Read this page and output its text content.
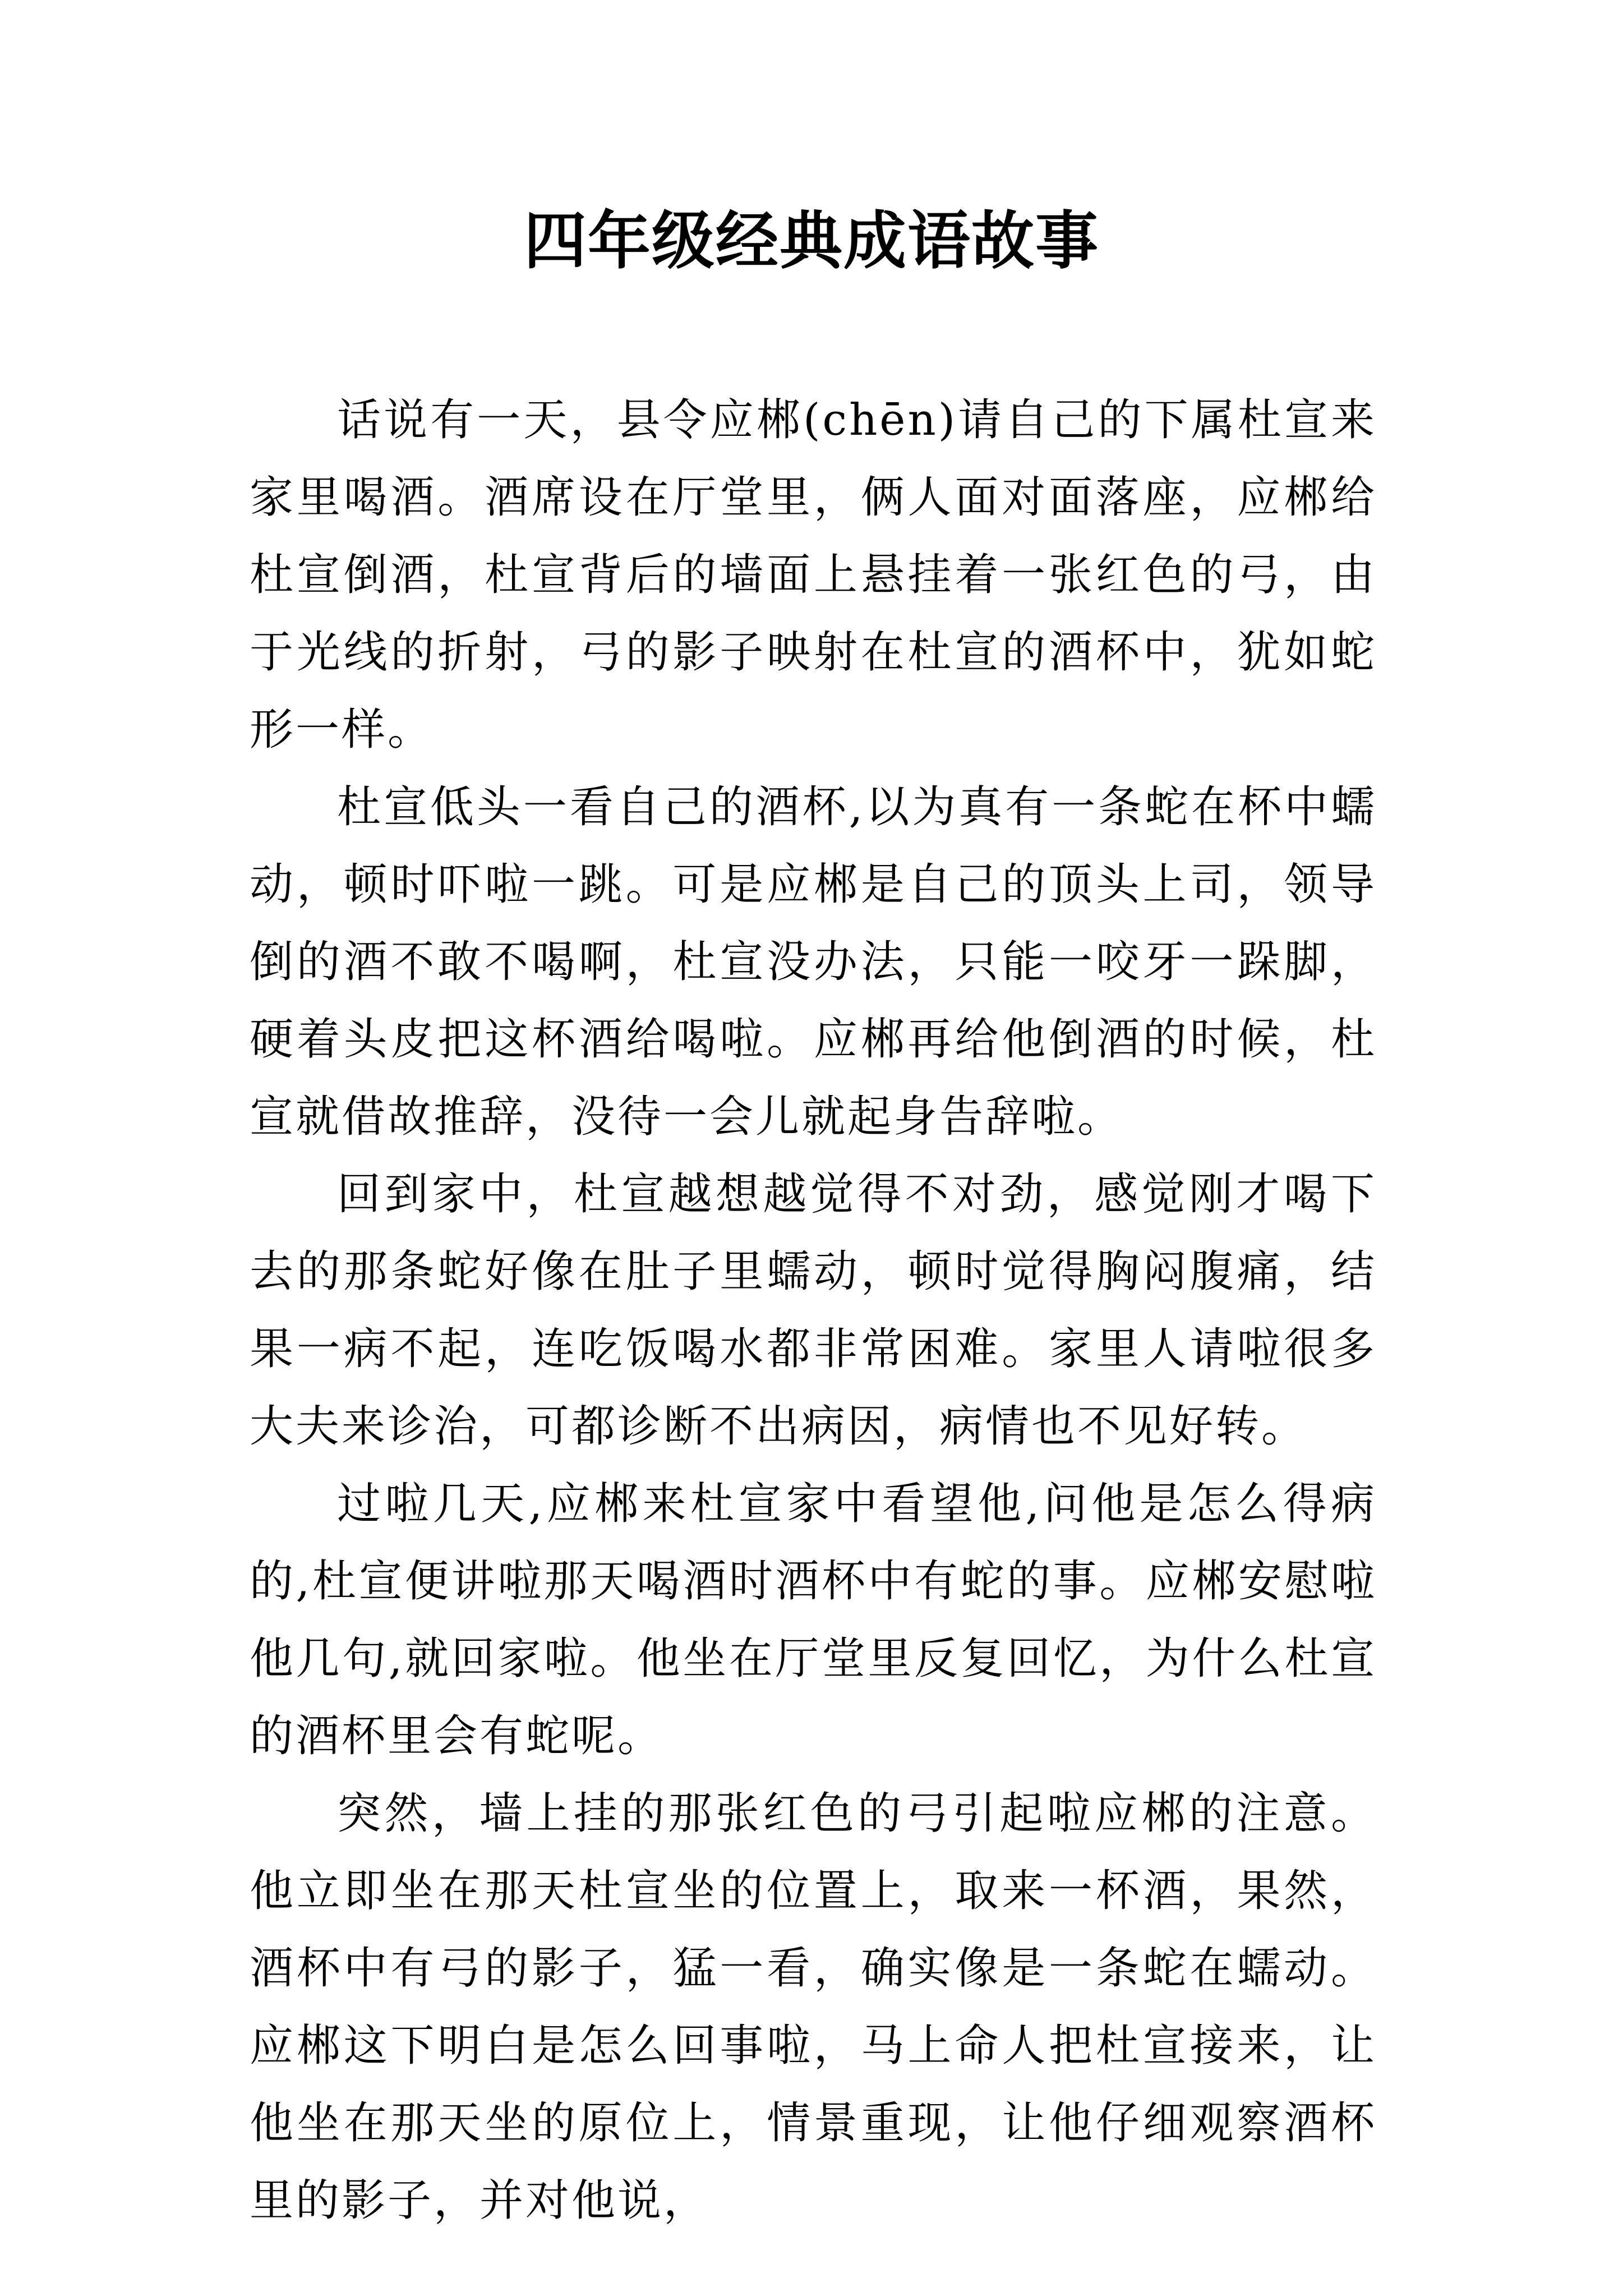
四年级经典成语故事

话说有一天，县令应郴(chēn)请自己的下属杜宣来家里喝酒。酒席设在厅堂里，俩人面对面落座，应郴给杜宣倒酒，杜宣背后的墙面上悬挂着一张红色的弓，由于光线的折射，弓的影子映射在杜宣的酒杯中，犹如蛇形一样。

杜宣低头一看自己的酒杯,以为真有一条蛇在杯中蠕动，顿时吓啦一跳。可是应郴是自己的顶头上司，领导倒的酒不敢不喝啊，杜宣没办法，只能一咬牙一跺脚，硬着头皮把这杯酒给喝啦。应郴再给他倒酒的时候，杜宣就借故推辞，没待一会儿就起身告辞啦。

回到家中，杜宣越想越觉得不对劲，感觉刚才喝下去的那条蛇好像在肚子里蠕动，顿时觉得胸闷腹痛，结果一病不起，连吃饭喝水都非常困难。家里人请啦很多大夫来诊治，可都诊断不出病因，病情也不见好转。

过啦几天,应郴来杜宣家中看望他,问他是怎么得病的,杜宣便讲啦那天喝酒时酒杯中有蛇的事。应郴安慰啦他几句,就回家啦。他坐在厅堂里反复回忆，为什么杜宣的酒杯里会有蛇呢。

突然，墙上挂的那张红色的弓引起啦应郴的注意。他立即坐在那天杜宣坐的位置上，取来一杯酒，果然，酒杯中有弓的影子，猛一看，确实像是一条蛇在蠕动。应郴这下明白是怎么回事啦，马上命人把杜宣接来，让他坐在那天坐的原位上，情景重现，让他仔细观察酒杯里的影子，并对他说，
